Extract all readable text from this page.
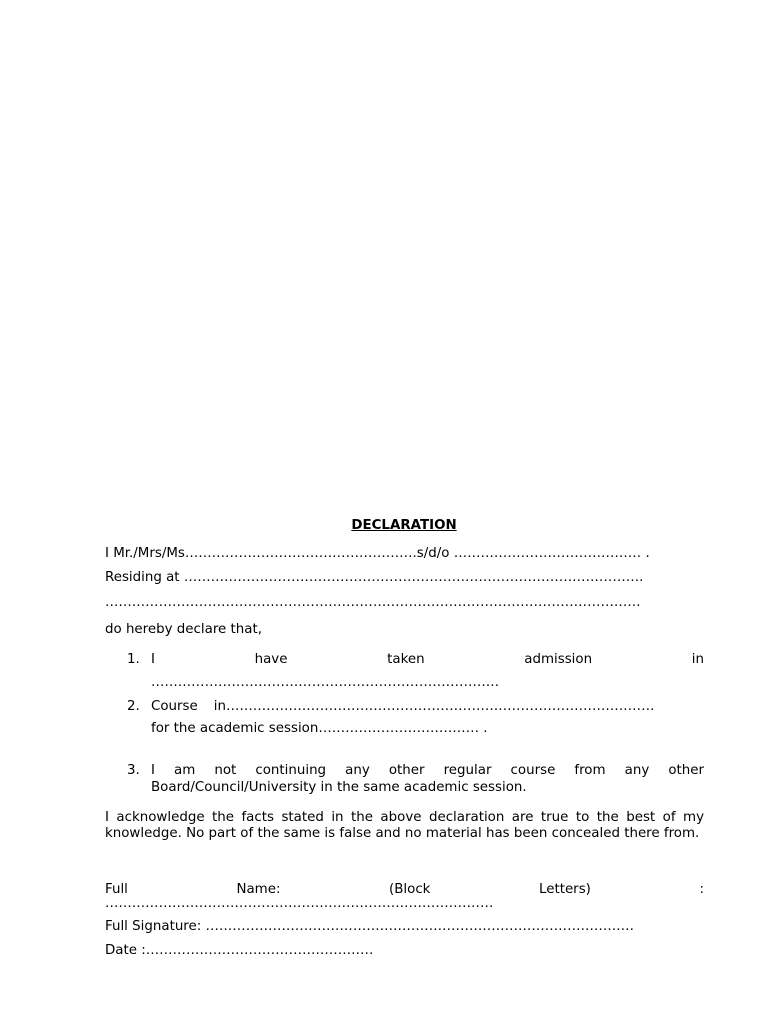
DECLARATION
I Mr./Mrs/Ms…………………………………………….s/d/o …………………………………… .
Residing at ………………………………………………………………………………………….
…………………………………………………………………………………………………………
do hereby declare that,
1. I	have	taken	admission	in
……………………………………………………………………
2. Course in……………………………………………………………………………………
for the academic session……………………………… .
3. I am not continuing any other regular course from any other
Board/Council/University in the same academic session.
I acknowledge the facts stated in the above declaration are true to the best of my knowledge. No part of the same is false and no material has been concealed there from.
Full	Name:	(Block	Letters)	:
……………………………………………………………………………
Full Signature: ……………………………………………………………………………………
Date :……………………………………………
